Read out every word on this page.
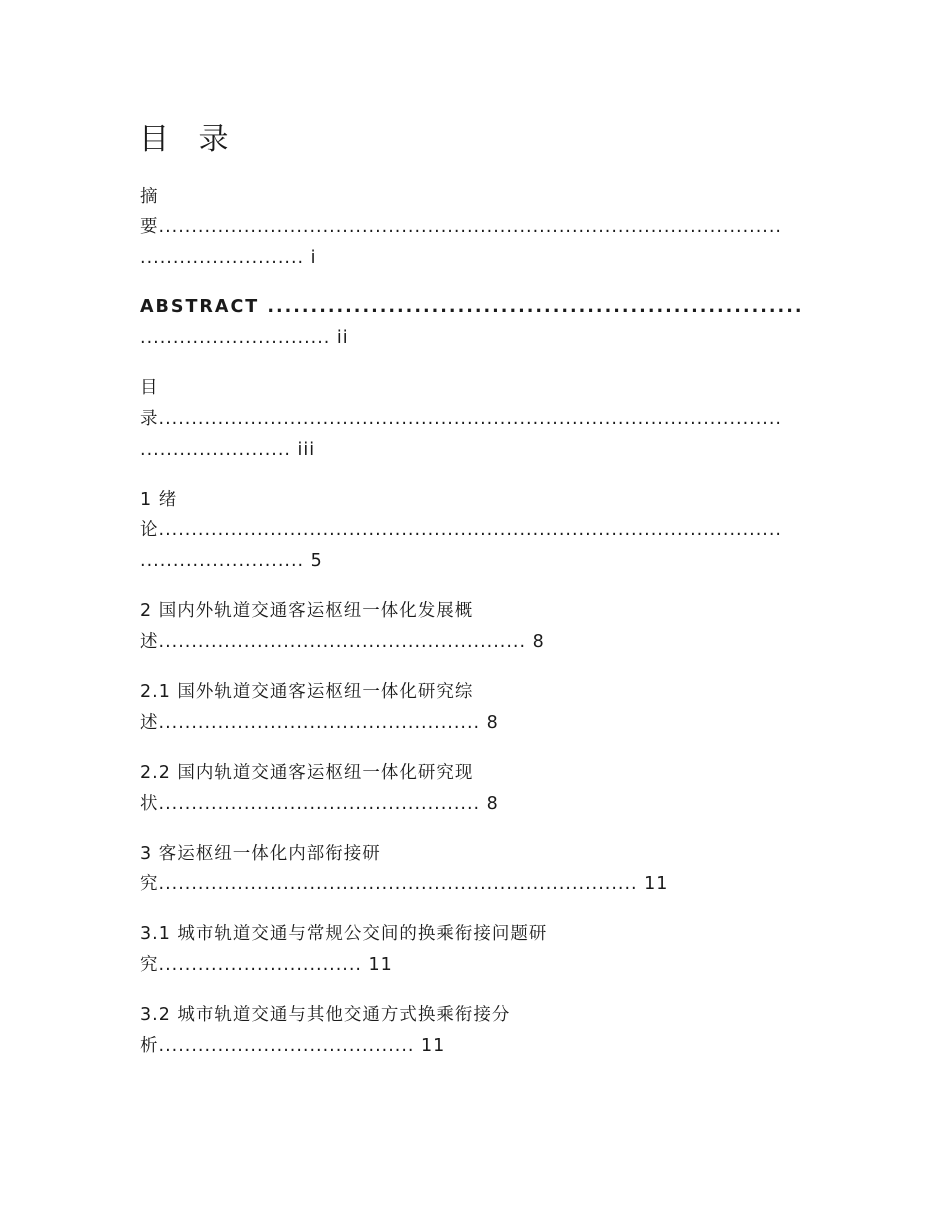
目 录
摘
要...............................................................................................
......................... i
ABSTRACT ..............................................................
............................. ii
目
录...............................................................................................
....................... iii
1 绪
论...............................................................................................
......................... 5
2 国内外轨道交通客运枢纽一体化发展概
述........................................................ 8
2.1 国外轨道交通客运枢纽一体化研究综
述................................................. 8
2.2 国内轨道交通客运枢纽一体化研究现
状................................................. 8
3 客运枢纽一体化内部衔接研
究......................................................................... 11
3.1 城市轨道交通与常规公交间的换乘衔接问题研
究............................... 11
3.2 城市轨道交通与其他交通方式换乘衔接分
析....................................... 11
